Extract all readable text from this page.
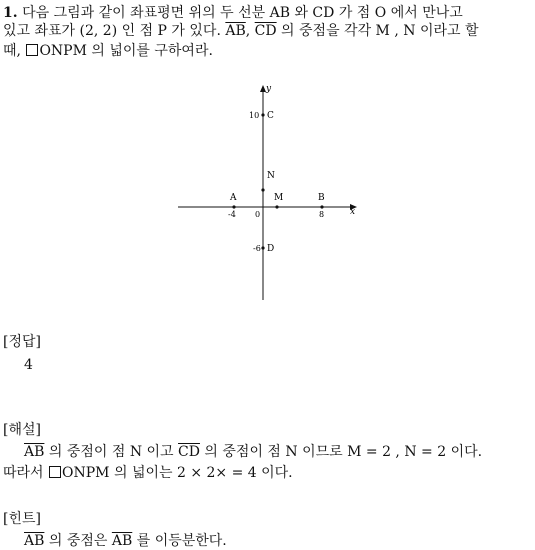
1. 다음 그림과 같이 좌표평면 위의 두 선분 AB 와 CD 가 점 O 에서 만나고
있고 좌표가 (2, 2) 인 점 P 가 있다. $\overline{AB}$, $\overline{CD}$ 의 중점을 각각 M , N 이라고 할
때, ONPM 의 넓이를 구하여라.
y
x
C
10
N
A
-4
M
0
B
8
D
-6
[정답]
4
[해설]
$\overline{AB}$ 의 중점이 점 N 이고 $\overline{CD}$ 의 중점이 점 N 이므로 M = 2 , N = 2 이다.
따라서 ONPM 의 넓이는 2 × 2× = 4 이다.
[힌트]
$\overline{AB}$ 의 중점은 $\overline{AB}$ 를 이등분한다.
